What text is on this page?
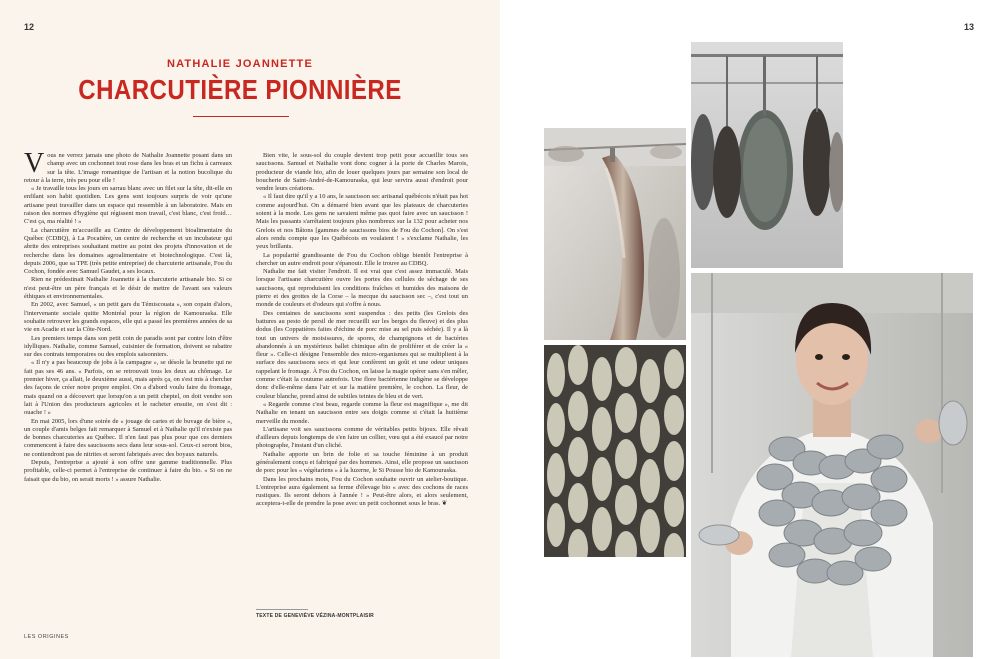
12
NATHALIE JOANNETTE
CHARCUTIÈRE PIONNIÈRE

Vous ne verrez jamais une photo de Nathalie Joannette posant dans un champ avec un cochonnet tout rose dans les bras et un fichu à carreaux sur la tête. L'image romantique de l'artisan et la notion bucolique du retour à la terre, très peu pour elle !

« Je travaille tous les jours en sarrau blanc avec un filet sur la tête, dit-elle en enfilant son habit quotidien. Les gens sont toujours surpris de voir qu'une artisane peut travailler dans un espace qui ressemble à un laboratoire. Mais en raison des normes d'hygiène qui régissent mon travail, c'est blanc, c'est froid… C'est ça, ma réalité ! »

La charcutière m'accueille au Centre de développement bioalimentaire du Québec (CDBQ), à La Pocatière, un centre de recherche et un incubateur qui abrite des entreprises souhaitant mettre au point des projets d'innovation et de recherche dans les domaines agroalimentaire et biotechnologique. C'est là, depuis 2006, que sa TPE (très petite entreprise) de charcuterie artisanale, Fou du Cochon, fondée avec Samuel Gaudet, a ses locaux.

Rien ne prédestinait Nathalie Joannette à la charcuterie artisanale bio. Si ce n'est peut-être un père français et le désir de mettre de l'avant ses valeurs éthiques et environnementales.

En 2002, avec Samuel, « un petit gars du Témiscouata », son copain d'alors, l'intervenante sociale quitte Montréal pour la région de Kamouraska. Elle souhaite retrouver les grands espaces, elle qui a passé les premières années de sa vie en Acadie et sur la Côte-Nord.

Les premiers temps dans son petit coin de paradis sont par contre loin d'être idylliques. Nathalie, comme Samuel, cuisinier de formation, doivent se rabattre sur des contrats temporaires ou des emplois saisonniers.

« Il n'y a pas beaucoup de jobs à la campagne », se désole la brunette qui ne fait pas ses 46 ans. « Parfois, on se retrouvait tous les deux au chômage. Le premier hiver, ça allait, le deuxième aussi, mais après ça, on s'est mis à chercher des façons de créer notre propre emploi. On a d'abord voulu faire du fromage, mais quand on a découvert que lorsqu'on a un petit cheptel, on doit vendre son lait à l'Union des producteurs agricoles et le racheter ensuite, on s'est dit : ouache ! »

En mai 2005, lors d'une soirée de « jouage de cartes et de buvage de bière », un couple d'amis belges fait remarquer à Samuel et à Nathalie qu'il n'existe pas de bonnes charcuteries au Québec. Il n'en faut pas plus pour que ces derniers commencent à faire des saucissons secs dans leur sous-sol. Ceux-ci seront bios, ne contiendront pas de nitrites et seront fabriqués avec des boyaux naturels.

Depuis, l'entreprise a ajouté à son offre une gamme traditionnelle. Plus profitable, celle-ci permet à l'entreprise de continuer à faire du bio. « Si on ne faisait que du bio, on serait morts ! » assure Nathalie.

Bien vite, le sous-sol du couple devient trop petit pour accueillir tous ses saucissons. Samuel et Nathalie vont donc cogner à la porte de Charles Marois, producteur de viande bio, afin de louer quelques jours par semaine son local de boucherie de Saint-André-de-Kamouraska, qui leur servira aussi d'endroit pour vendre leurs créations.

« Il faut dire qu'il y a 10 ans, le saucisson sec artisanal québécois n'était pas hot comme aujourd'hui. On a démarré bien avant que les plateaux de charcuteries soient à la mode. Les gens ne savaient même pas quoi faire avec un saucisson ! Mais les passants s'arrêtaient toujours plus nombreux sur la 132 pour acheter nos Grelots et nos Bâtons [gammes de saucissons bios de Fou du Cochon]. On s'est alors rendu compte que les Québécois en voulaient ! » s'exclame Nathalie, les yeux brillants.

La popularité grandissante de Fou du Cochon oblige bientôt l'entreprise à chercher un autre endroit pour s'épanouir. Elle le trouve au CDBQ.

Nathalie me fait visiter l'endroit. Il est vrai que c'est assez immaculé. Mais lorsque l'artisane charcutière ouvre les portes des cellules de séchage de ses saucissons, qui reproduisent les conditions fraîches et humides des maisons de pierre et des grottes de la Corse – la mecque du saucisson sec –, c'est tout un monde de couleurs et d'odeurs qui s'offre à nous.

Des centaines de saucissons sont suspendus : des petits (les Grelots des battures au pesto de persil de mer recueilli sur les berges du fleuve) et des plus dodus (les Coppatières faites d'échine de porc mise au sel puis séchée). Il y a là tout un univers de moisissures, de spores, de champignons et de bactéries abandonnés à un mystérieux ballet chimique afin de proliférer et de créer la « fleur ». Celle-ci désigne l'ensemble des micro-organismes qui se multiplient à la surface des saucissons secs et qui leur confèrent un goût et une odeur uniques rappelant le fromage. À Fou du Cochon, on laisse la magie opérer sans s'en mêler, comme c'était la coutume autrefois. Une flore bactérienne indigène se développe donc d'elle-même dans l'air et sur la matière première, le cochon. La fleur, de couleur blanche, prend ainsi de subtiles teintes de bleu et de vert.

« Regarde comme c'est beau, regarde comme la fleur est magnifique », me dit Nathalie en tenant un saucisson entre ses doigts comme si c'était la huitième merveille du monde.

L'artisane voit ses saucissons comme de véritables petits bijoux. Elle rêvait d'ailleurs depuis longtemps de s'en faire un collier, vœu qui a été exaucé par notre photographe, l'instant d'un cliché.

Nathalie apporte un brin de folie et sa touche féminine à un produit généralement conçu et fabriqué par des hommes. Ainsi, elle propose un saucisson de porc pour les « végétariens » à la luzerne, le Si Pousse bio de Kamouraska.

Dans les prochains mois, Fou du Cochon souhaite ouvrir un atelier-boutique. L'entreprise aura également sa ferme d'élevage bio « avec des cochons de races rustiques. Ils seront dehors à l'année ! » Peut-être alors, et alors seulement, acceptera-t-elle de prendre la pose avec un petit cochonnet sous le bras. ❦

TEXTE DE GENEVIÈVE VÉZINA-MONTPLAISIR
LES ORIGINES
13
